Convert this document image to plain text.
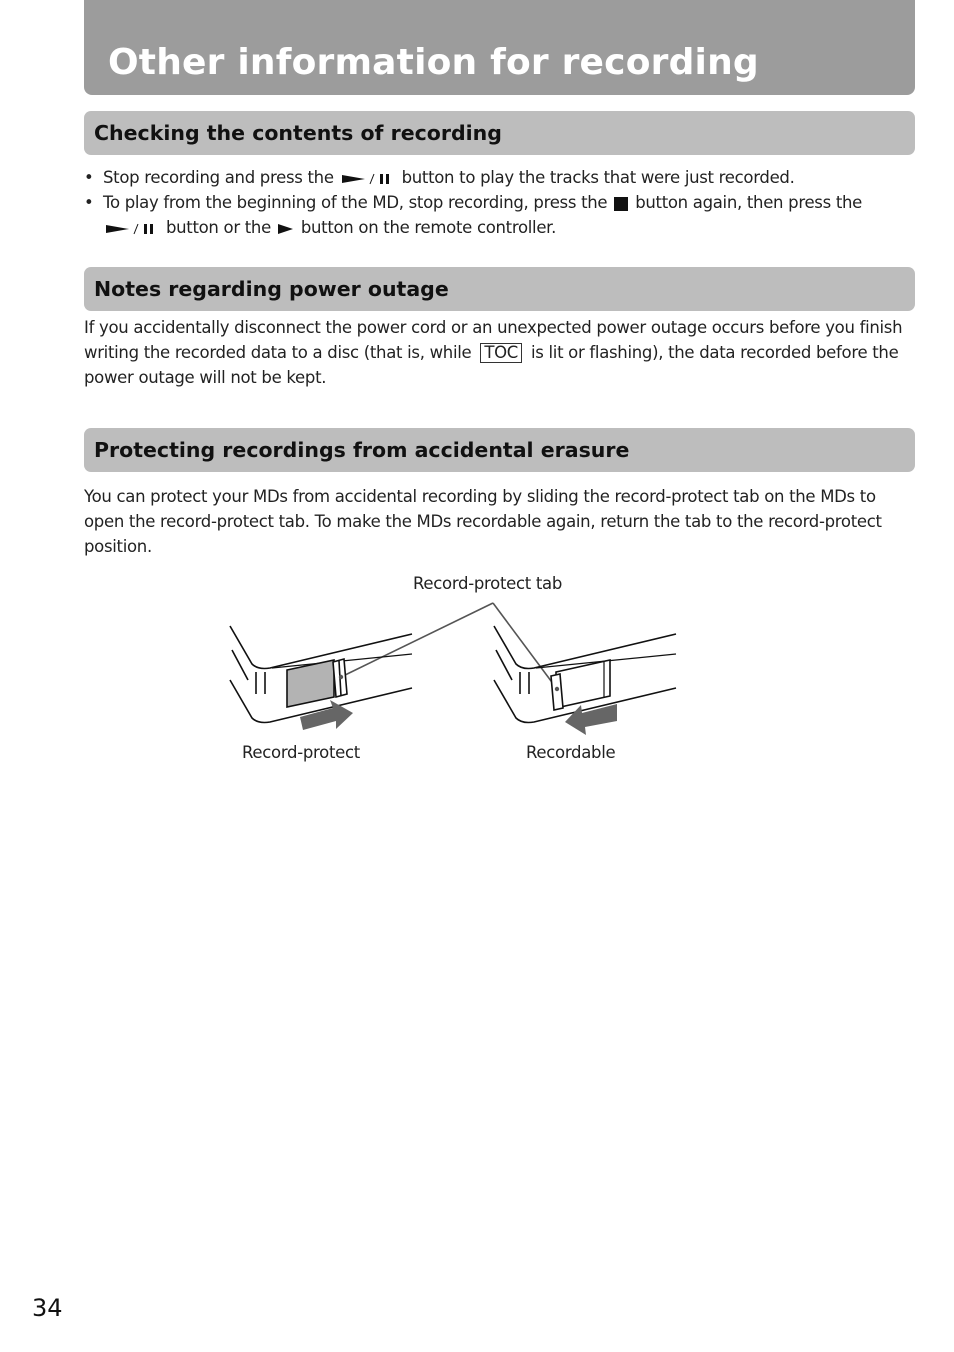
Other information for recording
Checking the contents of recording
• Stop recording and press the	button to play the tracks that were just recorded.
• To play from the beginning of the MD, stop recording, press the button again, then press the
button or the button on the remote controller.
Notes regarding power outage
If you accidentally disconnect the power cord or an unexpected power outage occurs before you finish writing the recorded data to a disc (that is, while TOC is lit or flashing), the data recorded before the power outage will not be kept.
Protecting recordings from accidental erasure
You can protect your MDs from accidental recording by sliding the record-protect tab on the MDs to open the record-protect tab. To make the MDs recordable again, return the tab to the record-protect position.
Record-protect tab
Record-protect	Recordable
34
